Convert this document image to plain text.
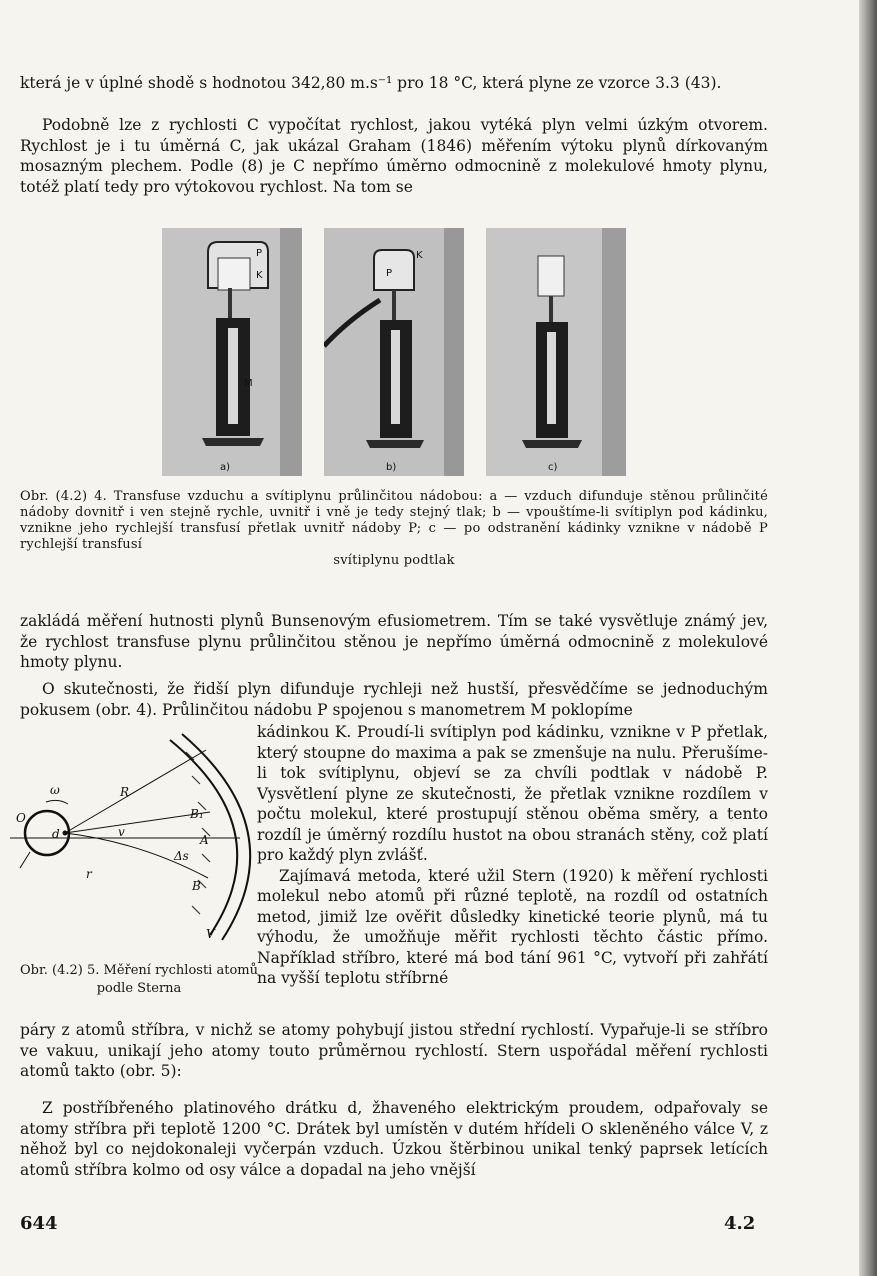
která je v úplné shodě s hodnotou 342,80 m.s⁻¹ pro 18 °C, která plyne ze vzorce 3.3 (43).

Podobně lze z rychlosti C vypočítat rychlost, jakou vytéká plyn velmi úzkým otvorem. Rychlost je i tu úměrná C, jak ukázal Graham (1846) měřením výtoku plynů dírkovaným mosazným plechem. Podle (8) je C nepřímo úměrno odmocnině z molekulové hmoty plynu, totéž platí tedy pro výtokovou rychlost. Na tom se

P
K
M
a)
P
K
b)	c)

Obr. (4.2) 4. Transfuse vzduchu a svítiplynu průlinčitou nádobou: a — vzduch difunduje stěnou průlinčité nádoby dovnitř i ven stejně rychle, uvnitř i vně je tedy stejný tlak; b — vpouštíme-li svítiplyn pod kádinku, vznikne jeho rychlejší transfusí přetlak uvnitř nádoby P; c — po odstranění kádinky vznikne v nádobě P rychlejší transfusí
svítiplynu podtlak

zakládá měření hutnosti plynů Bunsenovým efusiometrem. Tím se také vysvětluje známý jev, že rychlost transfuse plynu průlinčitou stěnou je nepřímo úměrná odmocnině z molekulové hmoty plynu.

O skutečnosti, že řidší plyn difunduje rychleji než hustší, přesvědčíme se jednoduchým pokusem (obr. 4). Průlinčitou nádobu P spojenou s manometrem M poklopíme

ω
O
d
r
v
R
B₁
A
Δs
B
V

Obr. (4.2) 5. Měření rychlosti atomů podle Sterna

kádinkou K. Proudí-li svítiplyn pod kádinku, vznikne v P přetlak, který stoupne do maxima a pak se zmenšuje na nulu. Přerušíme-li tok svítiplynu, objeví se za chvíli podtlak v nádobě P. Vysvětlení plyne ze skutečnosti, že přetlak vznikne rozdílem v počtu molekul, které prostupují stěnou oběma směry, a tento rozdíl je úměrný rozdílu hustot na obou stranách stěny, což platí pro každý plyn zvlášť.

Zajímavá metoda, které užil Stern (1920) k měření rychlosti molekul nebo atomů při různé teplotě, na rozdíl od ostatních metod, jimiž lze ověřit důsledky kinetické teorie plynů, má tu výhodu, že umožňuje měřit rychlosti těchto částic přímo. Například stříbro, které má bod tání 961 °C, vytvoří při zahřátí na vyšší teplotu stříbrné

páry z atomů stříbra, v nichž se atomy pohybují jistou střední rychlostí. Vypařuje-li se stříbro ve vakuu, unikají jeho atomy touto průměrnou rychlostí. Stern uspořádal měření rychlosti atomů takto (obr. 5):

Z postříbřeného platinového drátku d, žhaveného elektrickým proudem, odpařovaly se atomy stříbra při teplotě 1200 °C. Drátek byl umístěn v dutém hřídeli O skleněného válce V, z něhož byl co nejdokonaleji vyčerpán vzduch. Úzkou štěrbinou unikal tenký paprsek letících atomů stříbra kolmo od osy válce a dopadal na jeho vnější

644	4.2
